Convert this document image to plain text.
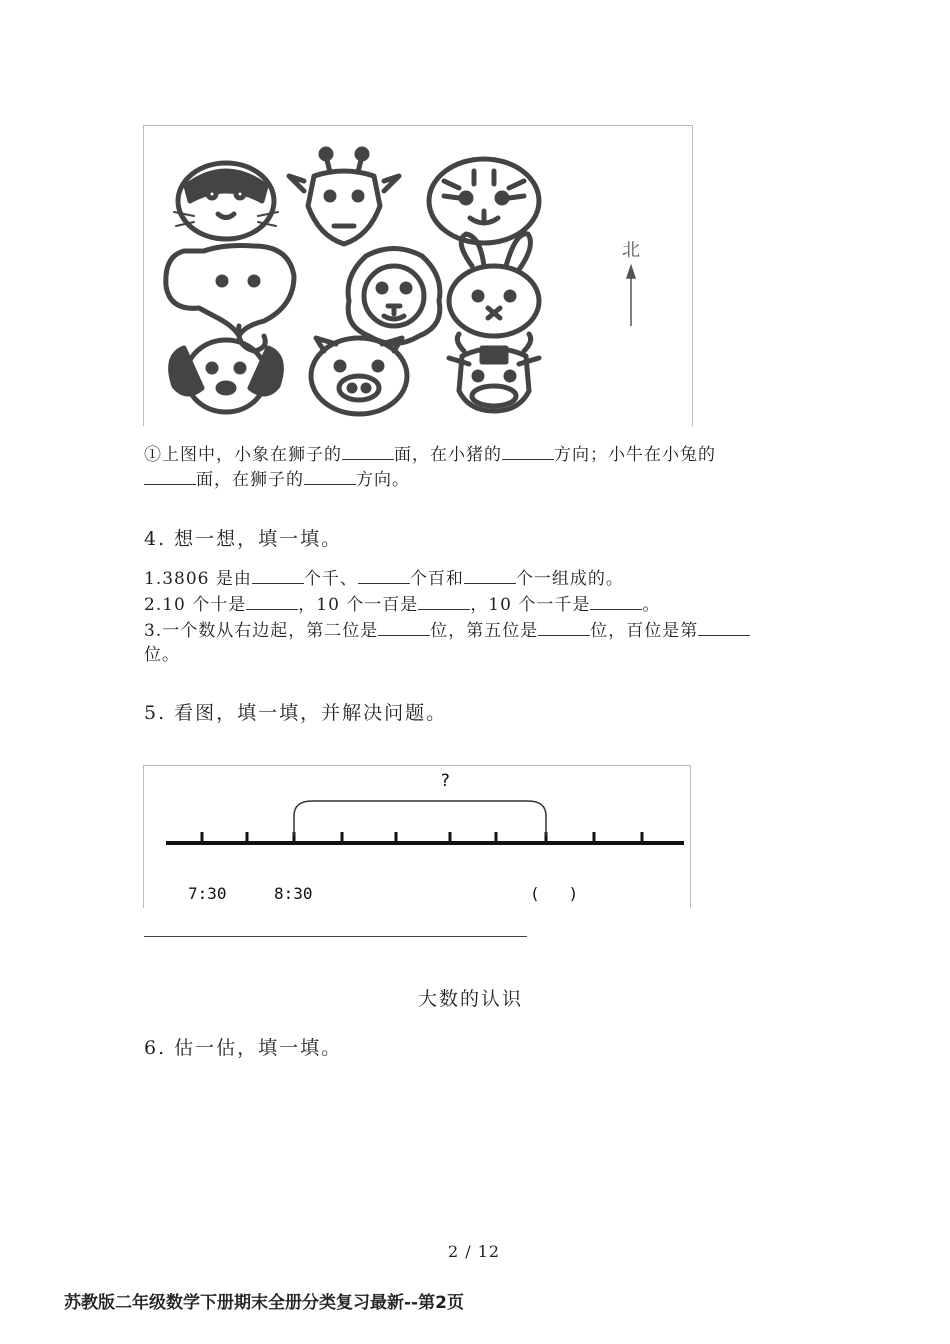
北
①上图中，小象在狮子的	面，在小猪的	方向；小牛在小兔的
面，在狮子的	方向。
4. 想一想，填一填。
1.3806 是由	个千、	个百和	个一组成的。
2.10 个十是	，10 个一百是	，10 个一千是	。
3.一个数从右边起，第二位是	位，第五位是	位，百位是第
位。
5. 看图，填一填，并解决问题。
?
7:30	8:30	(   )
大数的认识
6. 估一估，填一填。
2 / 12
苏教版二年级数学下册期末全册分类复习最新--第2页
